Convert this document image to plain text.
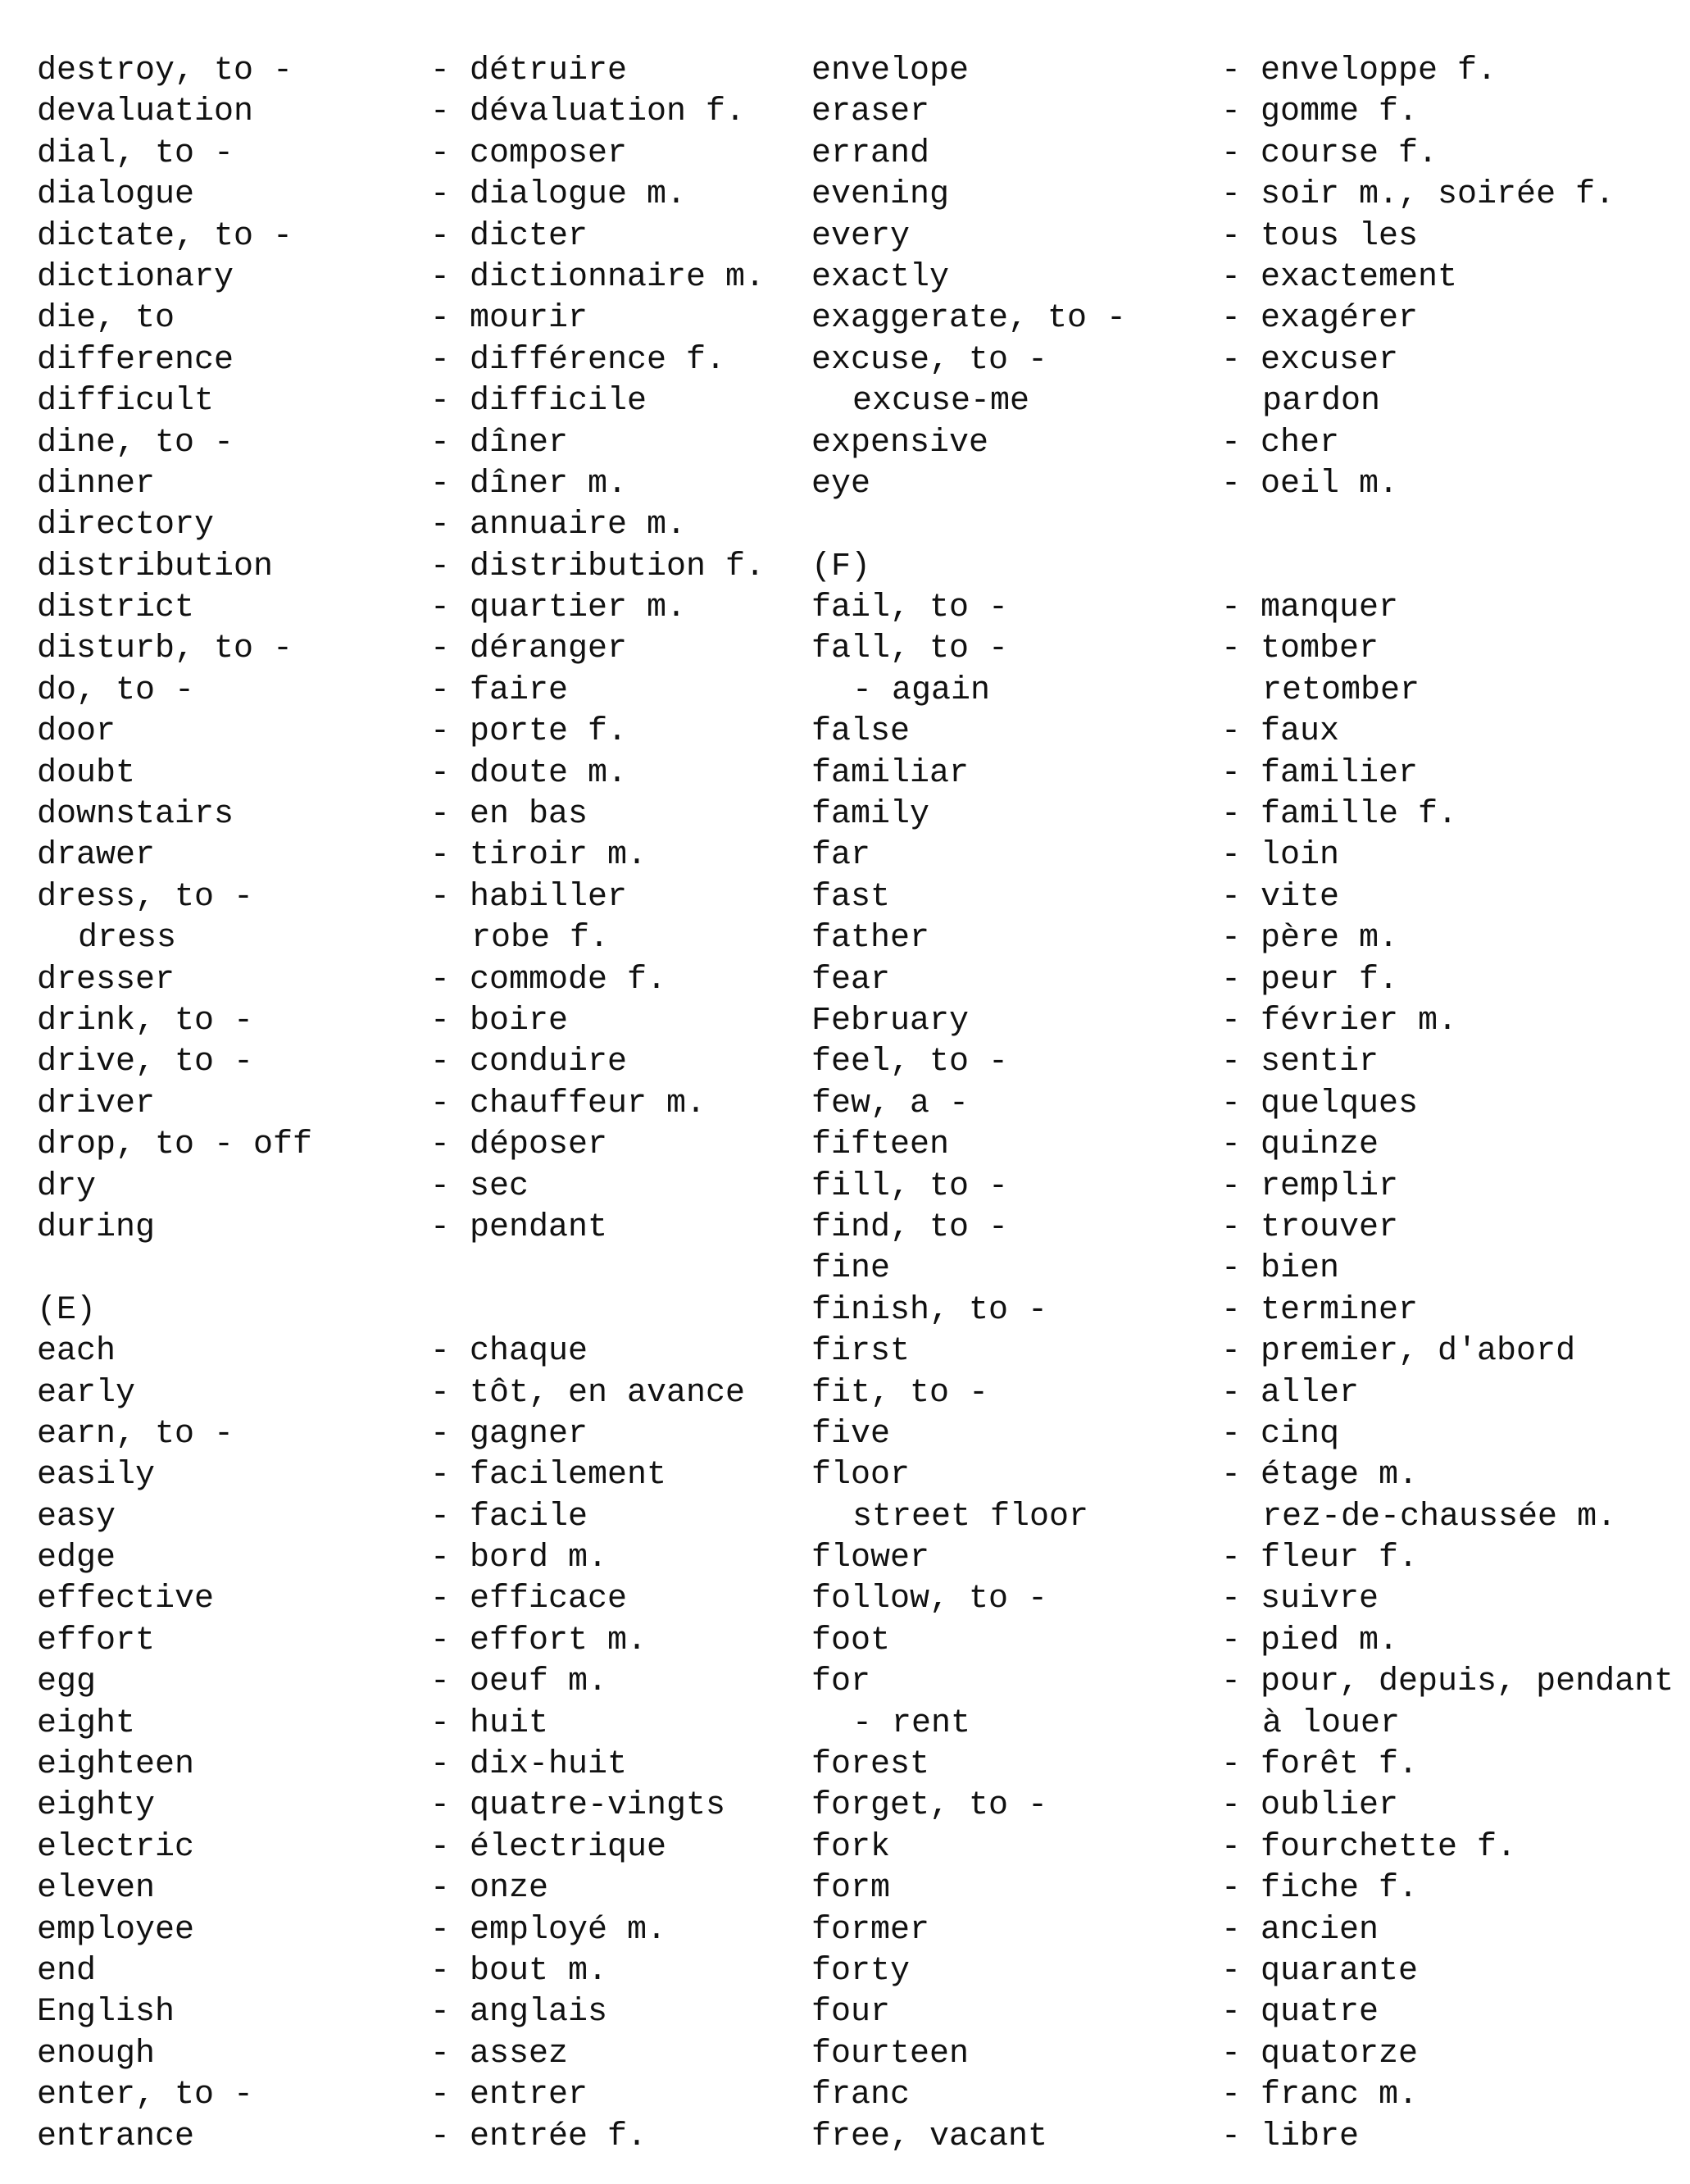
destroy, to -	- détruire
devaluation	- dévaluation f.
dial, to -	- composer
dialogue	- dialogue m.
dictate, to -	- dicter
dictionary	- dictionnaire m.
die, to	- mourir
difference	- différence f.
difficult	- difficile
dine, to -	- dîner
dinner	- dîner m.
directory	- annuaire m.
distribution	- distribution f.
district	- quartier m.
disturb, to -	- déranger
do, to -	- faire
door	- porte f.
doubt	- doute m.
downstairs	- en bas
drawer	- tiroir m.
dress, to -	- habiller
dress	robe f.
dresser	- commode f.
drink, to -	- boire
drive, to -	- conduire
driver	- chauffeur m.
drop, to - off	- déposer
dry	- sec
during	- pendant
(E)
each	- chaque
early	- tôt, en avance
earn, to -	- gagner
easily	- facilement
easy	- facile
edge	- bord m.
effective	- efficace
effort	- effort m.
egg	- oeuf m.
eight	- huit
eighteen	- dix-huit
eighty	- quatre-vingts
electric	- électrique
eleven	- onze
employee	- employé m.
end	- bout m.
English	- anglais
enough	- assez
enter, to -	- entrer
entrance	- entrée f.
envelope	- enveloppe f.
eraser	- gomme f.
errand	- course f.
evening	- soir m., soirée f.
every	- tous les
exactly	- exactement
exaggerate, to -	- exagérer
excuse, to -	- excuser
excuse-me	pardon
expensive	- cher
eye	- oeil m.
(F)
fail, to -	- manquer
fall, to -	- tomber
- again	retomber
false	- faux
familiar	- familier
family	- famille f.
far	- loin
fast	- vite
father	- père m.
fear	- peur f.
February	- février m.
feel, to -	- sentir
few, a -	- quelques
fifteen	- quinze
fill, to -	- remplir
find, to -	- trouver
fine	- bien
finish, to -	- terminer
first	- premier, d'abord
fit, to -	- aller
five	- cinq
floor	- étage m.
street floor	rez-de-chaussée m.
flower	- fleur f.
follow, to -	- suivre
foot	- pied m.
for	- pour, depuis, pendant
- rent	à louer
forest	- forêt f.
forget, to -	- oublier
fork	- fourchette f.
form	- fiche f.
former	- ancien
forty	- quarante
four	- quatre
fourteen	- quatorze
franc	- franc m.
free, vacant	- libre
